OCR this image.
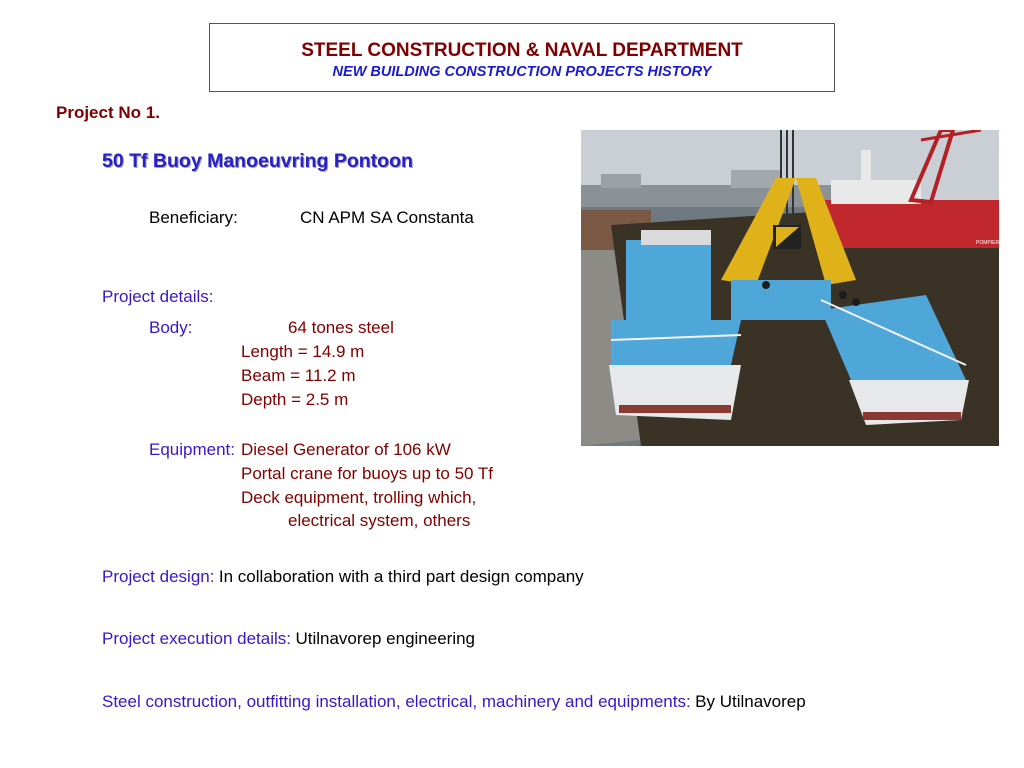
STEEL CONSTRUCTION & NAVAL DEPARTMENT
NEW BUILDING CONSTRUCTION PROJECTS HISTORY
Project No 1.
50 Tf Buoy Manoeuvring Pontoon
Beneficiary:	CN APM SA Constanta
Project details:
Body:	64 tones steel
Length = 14.9 m
Beam = 11.2 m
Depth = 2.5 m
Equipment: Diesel Generator of 106 kW
Portal crane for buoys up to 50 Tf
Deck equipment, trolling which,
electrical system, others
Project design: In collaboration with a third part design company
Project execution details: Utilnavorep engineering
Steel construction, outfitting installation, electrical, machinery and equipments: By Utilnavorep
POMPIER
